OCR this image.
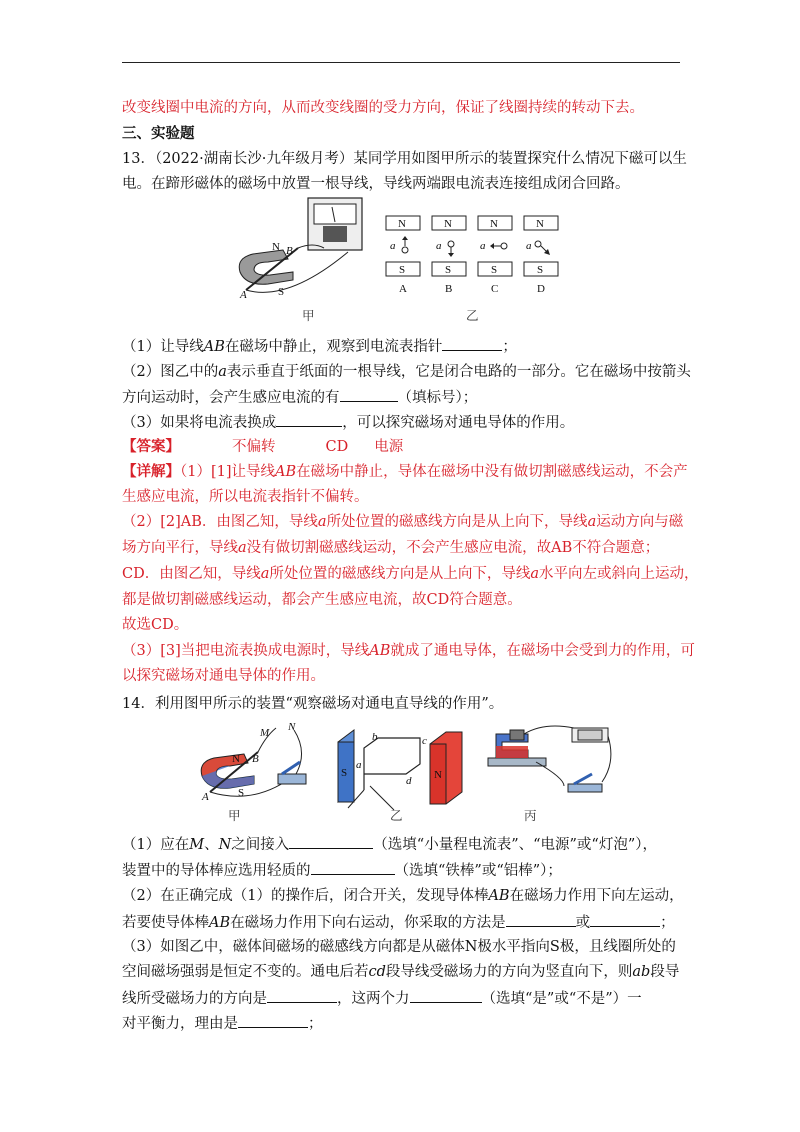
改变线圈中电流的方向，从而改变线圈的受力方向，保证了线圈持续的转动下去。
三、实验题
13．（2022·湖南长沙·九年级月考）某同学用如图甲所示的装置探究什么情况下磁可以生
电。在蹄形磁体的磁场中放置一根导线，导线两端跟电流表连接组成闭合回路。
N
S
B
A
甲
N
S
a
A
N
S
a
B
N
S
a
C
N
S
a
D
乙
（1）让导线AB在磁场中静止，观察到电流表指针	；
（2）图乙中的a表示垂直于纸面的一根导线，它是闭合电路的一部分。它在磁场中按箭头
方向运动时，会产生感应电流的有	（填标号）；
（3）如果将电流表换成	，可以探究磁场对通电导体的作用。
【答案】	不偏转	CD 电源
【详解】（1）[1]让导线AB在磁场中静止，导体在磁场中没有做切割磁感线运动，不会产
生感应电流，所以电流表指针不偏转。
（2）[2]AB．由图乙知，导线a所处位置的磁感线方向是从上向下，导线a运动方向与磁
场方向平行，导线a没有做切割磁感线运动，不会产生感应电流，故AB不符合题意；
CD．由图乙知，导线a所处位置的磁感线方向是从上向下，导线a水平向左或斜向上运动，
都是做切割磁感线运动，都会产生感应电流，故CD符合题意。
故选CD。
（3）[3]当把电流表换成电源时，导线AB就成了通电导体，在磁场中会受到力的作用，可
以探究磁场对通电导体的作用。
14．利用图甲所示的装置“观察磁场对通电直导线的作用”。
M N
N
S
B
A
甲
S	N
b	c
a
d
乙	丙
（1）应在M、N之间接入	（选填“小量程电流表”、“电源”或“灯泡”），
装置中的导体棒应选用轻质的	（选填“铁棒”或“铝棒”）；
（2）在正确完成（1）的操作后，闭合开关，发现导体棒AB在磁场力作用下向左运动，
若要使导体棒AB在磁场力作用下向右运动，你采取的方法是	或	；
（3）如图乙中，磁体间磁场的磁感线方向都是从磁体N极水平指向S极，且线圈所处的
空间磁场强弱是恒定不变的。通电后若cd段导线受磁场力的方向为竖直向下，则ab段导
线所受磁场力的方向是	，这两个力	（选填“是”或“不是”）一
对平衡力，理由是	；
